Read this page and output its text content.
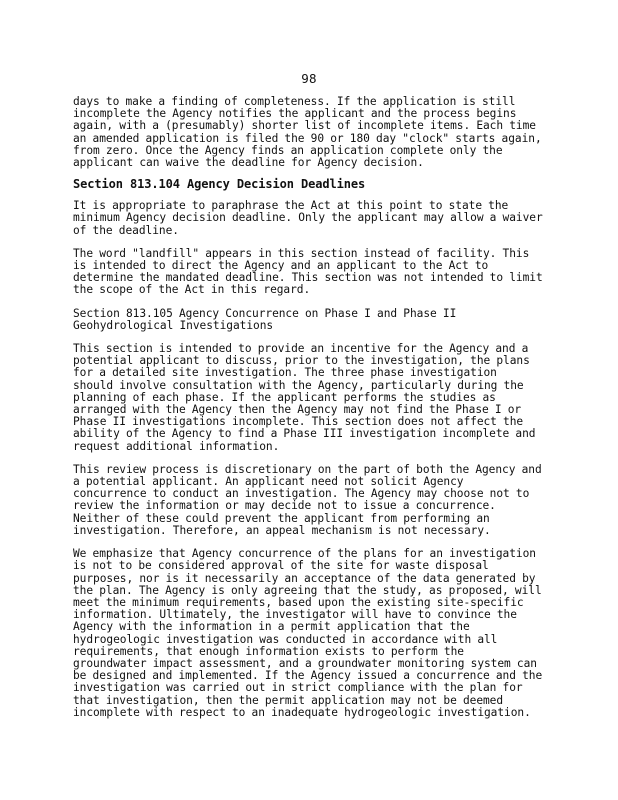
98

days to make a finding of completeness. If the application is still incomplete the Agency notifies the applicant and the process begins again, with a (presumably) shorter list of incomplete items. Each time an amended application is filed the 90 or 180 day "clock" starts again, from zero. Once the Agency finds an application complete only the applicant can waive the deadline for Agency decision.

Section 813.104 Agency Decision Deadlines

It is appropriate to paraphrase the Act at this point to state the minimum Agency decision deadline. Only the applicant may allow a waiver of the deadline.

The word "landfill" appears in this section instead of facility. This is intended to direct the Agency and an applicant to the Act to determine the mandated deadline. This section was not intended to limit the scope of the Act in this regard.

Section 813.105 Agency Concurrence on Phase I and Phase II Geohydrological Investigations

This section is intended to provide an incentive for the Agency and a potential applicant to discuss, prior to the investigation, the plans for a detailed site investigation. The three phase investigation should involve consultation with the Agency, particularly during the planning of each phase. If the applicant performs the studies as arranged with the Agency then the Agency may not find the Phase I or Phase II investigations incomplete. This section does not affect the ability of the Agency to find a Phase III investigation incomplete and request additional information.

This review process is discretionary on the part of both the Agency and a potential applicant. An applicant need not solicit Agency concurrence to conduct an investigation. The Agency may choose not to review the information or may decide not to issue a concurrence. Neither of these could prevent the applicant from performing an investigation. Therefore, an appeal mechanism is not necessary.

We emphasize that Agency concurrence of the plans for an investigation is not to be considered approval of the site for waste disposal purposes, nor is it necessarily an acceptance of the data generated by the plan. The Agency is only agreeing that the study, as proposed, will meet the minimum requirements, based upon the existing site-specific information. Ultimately, the investigator will have to convince the Agency with the information in a permit application that the hydrogeologic investigation was conducted in accordance with all requirements, that enough information exists to perform the groundwater impact assessment, and a groundwater monitoring system can be designed and implemented. If the Agency issued a concurrence and the investigation was carried out in strict compliance with the plan for that investigation, then the permit application may not be deemed incomplete with respect to an inadequate hydrogeologic investigation.
